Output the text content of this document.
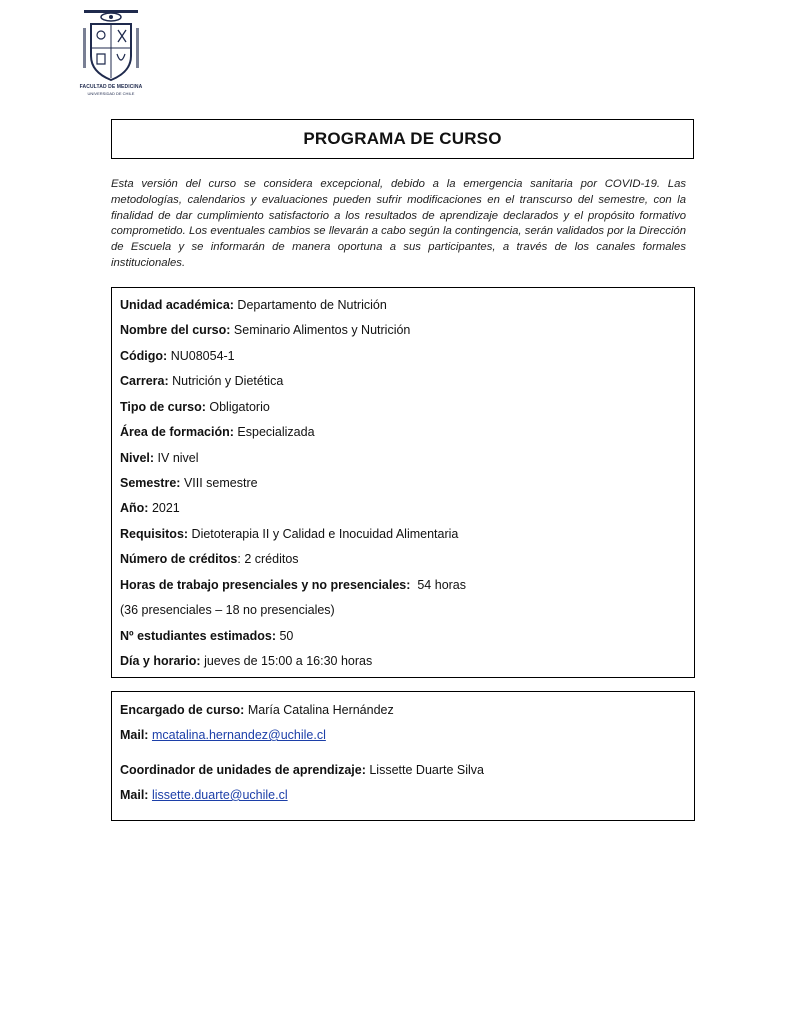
FACULTAD DE MEDICINA
UNIVERSIDAD DE CHILE
PROGRAMA DE CURSO
Esta versión del curso se considera excepcional, debido a la emergencia sanitaria por COVID-19. Las metodologías, calendarios y evaluaciones pueden sufrir modificaciones en el transcurso del semestre, con la finalidad de dar cumplimiento satisfactorio a los resultados de aprendizaje declarados y el propósito formativo comprometido. Los eventuales cambios se llevarán a cabo según la contingencia, serán validados por la Dirección de Escuela y se informarán de manera oportuna a sus participantes, a través de los canales formales institucionales.
Unidad académica: Departamento de Nutrición
Nombre del curso: Seminario Alimentos y Nutrición
Código: NU08054-1
Carrera: Nutrición y Dietética
Tipo de curso: Obligatorio
Área de formación: Especializada
Nivel: IV nivel
Semestre: VIII semestre
Año: 2021
Requisitos: Dietoterapia II y Calidad e Inocuidad Alimentaria
Número de créditos: 2 créditos
Horas de trabajo presenciales y no presenciales: 54 horas
(36 presenciales – 18 no presenciales)
Nº estudiantes estimados: 50
Día y horario: jueves de 15:00 a 16:30 horas
Encargado de curso: María Catalina Hernández
Mail: mcatalina.hernandez@uchile.cl
Coordinador de unidades de aprendizaje: Lissette Duarte Silva
Mail: lissette.duarte@uchile.cl
